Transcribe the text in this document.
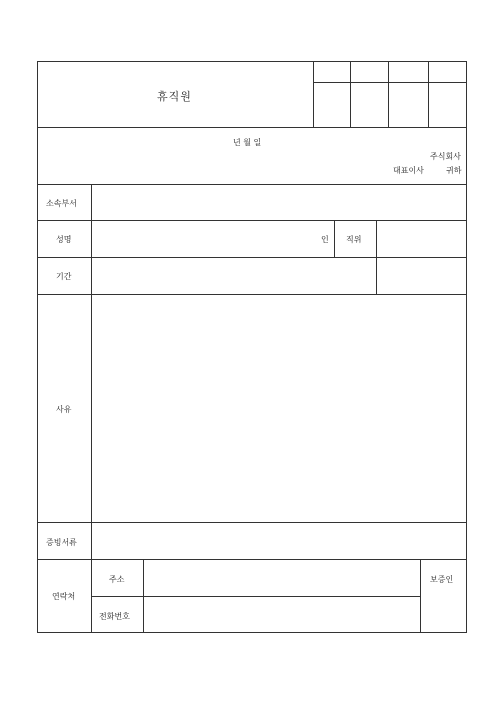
휴직원
년 월 일
주식회사
대표이사	귀하
소속부서
성명	인 직위
기간
사유
증빙서류
연락처
주소
전화번호
보증인
